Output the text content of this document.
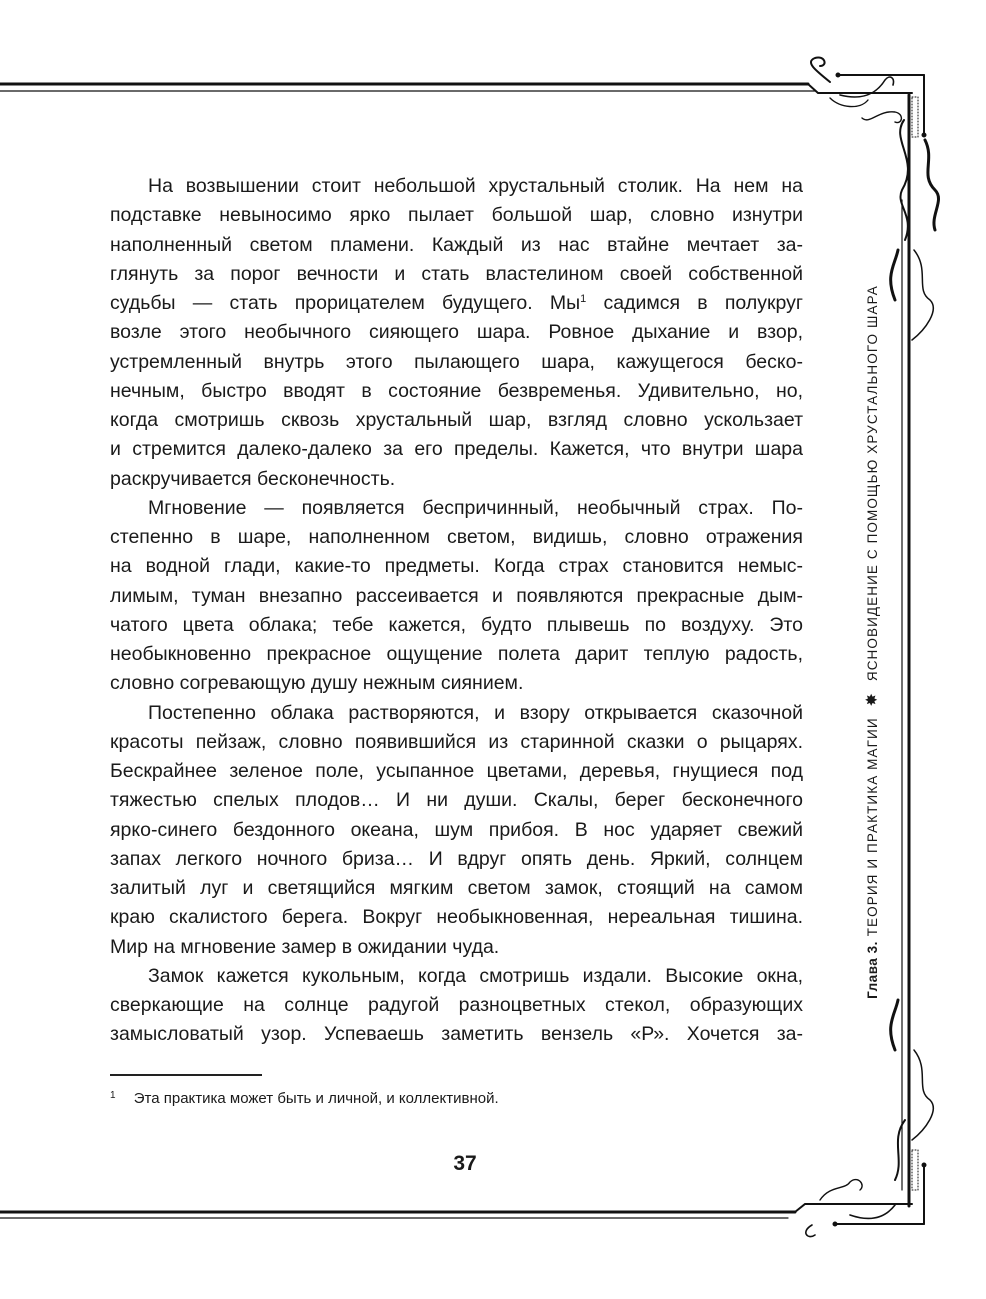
Глава 3. ТЕОРИЯ И ПРАКТИКА МАГИИ ✸ ЯСНОВИДЕНИЕ С ПОМОЩЬЮ ХРУСТАЛЬНОГО ШАРА
На возвышении стоит небольшой хрустальный столик. На нем на
подставке невыносимо ярко пылает большой шар, словно изнутри
наполненный светом пламени. Каждый из нас втайне мечтает за-
глянуть за порог вечности и стать властелином своей собственной
судьбы — стать прорицателем будущего. $Мы^1$ садимся в полукруг
возле этого необычного сияющего шара. Ровное дыхание и взор,
устремленный внутрь этого пылающего шара, кажущегося беско-
нечным, быстро вводят в состояние безвременья. Удивительно, но,
когда смотришь сквозь хрустальный шар, взгляд словно ускользает
и стремится далеко-далеко за его пределы. Кажется, что внутри шара
раскручивается бесконечность.
Мгновение — появляется беспричинный, необычный страх. По-
степенно в шаре, наполненном светом, видишь, словно отражения
на водной глади, какие-то предметы. Когда страх становится немыс-
лимым, туман внезапно рассеивается и появляются прекрасные дым-
чатого цвета облака; тебе кажется, будто плывешь по воздуху. Это
необыкновенно прекрасное ощущение полета дарит теплую радость,
словно согревающую душу нежным сиянием.
Постепенно облака растворяются, и взору открывается сказочной
красоты пейзаж, словно появившийся из старинной сказки о рыцарях.
Бескрайнее зеленое поле, усыпанное цветами, деревья, гнущиеся под
тяжестью спелых плодов… И ни души. Скалы, берег бесконечного
ярко-синего бездонного океана, шум прибоя. В нос ударяет свежий
запах легкого ночного бриза… И вдруг опять день. Яркий, солнцем
залитый луг и светящийся мягким светом замок, стоящий на самом
краю скалистого берега. Вокруг необыкновенная, нереальная тишина.
Мир на мгновение замер в ожидании чуда.
Замок кажется кукольным, когда смотришь издали. Высокие окна,
сверкающие на солнце радугой разноцветных стекол, образующих
замысловатый узор. Успеваешь заметить вензель «Р». Хочется за-
$^1$ Эта практика может быть и личной, и коллективной.
37
